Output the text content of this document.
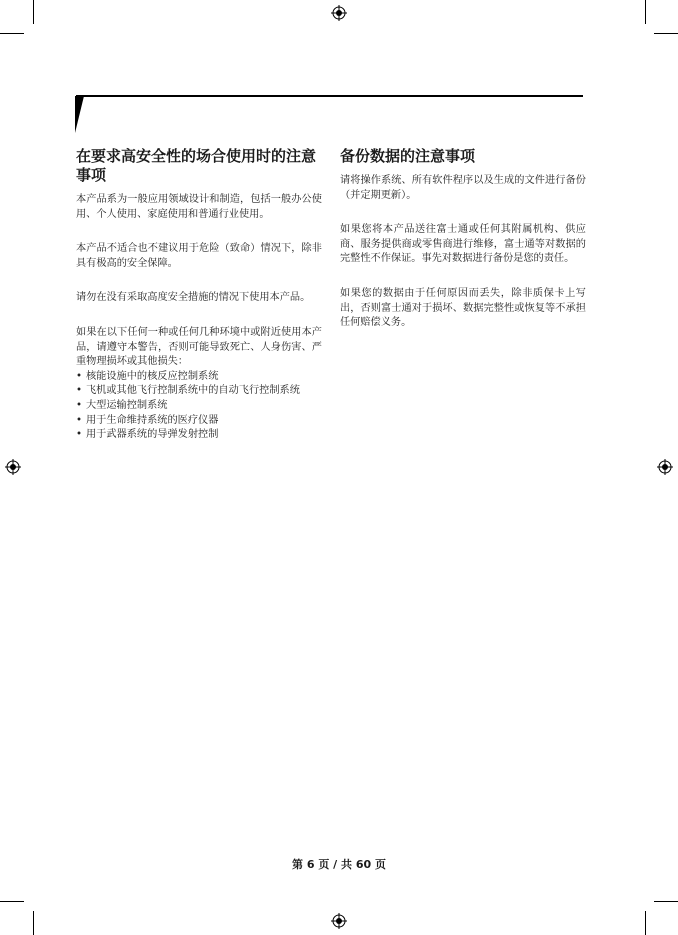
在要求高安全性的场合使用时的注意事项

本产品系为一般应用领域设计和制造，包括一般办公使用、个人使用、家庭使用和普通行业使用。

本产品不适合也不建议用于危险（致命）情况下，除非具有极高的安全保障。

请勿在没有采取高度安全措施的情况下使用本产品。

如果在以下任何一种或任何几种环境中或附近使用本产品，请遵守本警告，否则可能导致死亡、人身伤害、严重物理损坏或其他损失：

• 核能设施中的核反应控制系统
• 飞机或其他飞行控制系统中的自动飞行控制系统
• 大型运输控制系统
• 用于生命维持系统的医疗仪器
• 用于武器系统的导弹发射控制
备份数据的注意事项

请将操作系统、所有软件程序以及生成的文件进行备份（并定期更新）。

如果您将本产品送往富士通或任何其附属机构、供应商、服务提供商或零售商进行维修，富士通等对数据的完整性不作保证。事先对数据进行备份是您的责任。

如果您的数据由于任何原因而丢失，除非质保卡上写出，否则富士通对于损坏、数据完整性或恢复等不承担任何赔偿义务。

第 6 页 / 共 60 页
